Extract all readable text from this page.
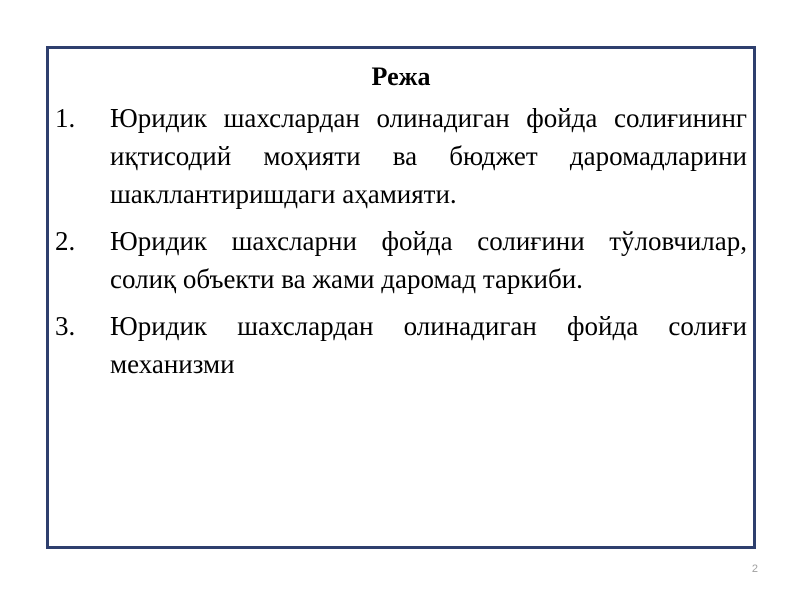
Режа
1.	Юридик шахслардан олинадиган фойда солиғининг иқтисодий моҳияти ва бюджет даромадларини шакллантиришдаги аҳамияти.
2.	Юридик шахсларни фойда солиғини тўловчилар, солиқ объекти ва жами даромад таркиби.
3.	Юридик шахслардан олинадиган фойда солиғи механизми
2
